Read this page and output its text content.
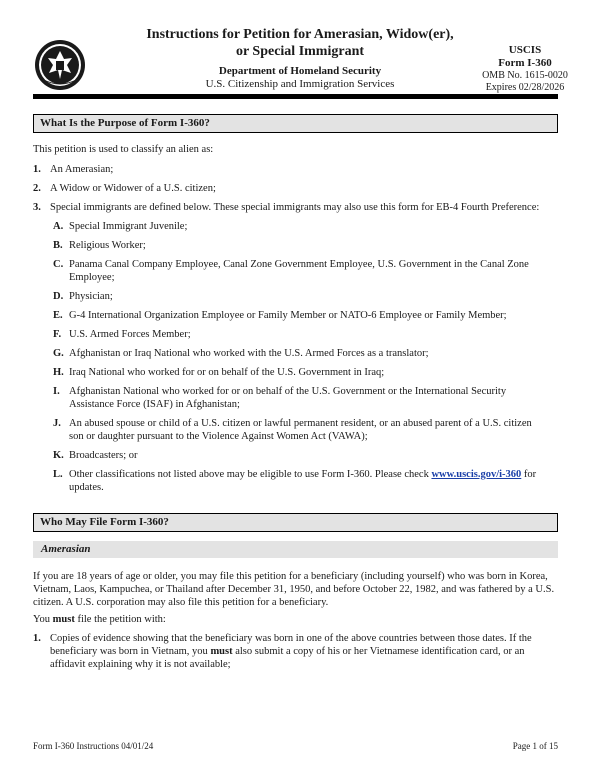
Instructions for Petition for Amerasian, Widow(er),
or Special Immigrant
Department of Homeland Security
U.S. Citizenship and Immigration Services
USCIS
Form I-360
OMB No. 1615-0020
Expires 02/28/2026
What Is the Purpose of Form I-360?
This petition is used to classify an alien as:
1. An Amerasian;
2. A Widow or Widower of a U.S. citizen;
3. Special immigrants are defined below. These special immigrants may also use this form for EB-4 Fourth Preference:
A. Special Immigrant Juvenile;
B. Religious Worker;
C. Panama Canal Company Employee, Canal Zone Government Employee, U.S. Government in the Canal Zone Employee;
D. Physician;
E. G-4 International Organization Employee or Family Member or NATO-6 Employee or Family Member;
F. U.S. Armed Forces Member;
G. Afghanistan or Iraq National who worked with the U.S. Armed Forces as a translator;
H. Iraq National who worked for or on behalf of the U.S. Government in Iraq;
I. Afghanistan National who worked for or on behalf of the U.S. Government or the International Security Assistance Force (ISAF) in Afghanistan;
J. An abused spouse or child of a U.S. citizen or lawful permanent resident, or an abused parent of a U.S. citizen son or daughter pursuant to the Violence Against Women Act (VAWA);
K. Broadcasters; or
L. Other classifications not listed above may be eligible to use Form I-360. Please check www.uscis.gov/i-360 for updates.
Who May File Form I-360?
Amerasian
If you are 18 years of age or older, you may file this petition for a beneficiary (including yourself) who was born in Korea, Vietnam, Laos, Kampuchea, or Thailand after December 31, 1950, and before October 22, 1982, and was fathered by a U.S. citizen. A U.S. corporation may also file this petition for a beneficiary.
You must file the petition with:
1. Copies of evidence showing that the beneficiary was born in one of the above countries between those dates. If the beneficiary was born in Vietnam, you must also submit a copy of his or her Vietnamese identification card, or an affidavit explaining why it is not available;
Form I-360 Instructions 04/01/24	Page 1 of 15
